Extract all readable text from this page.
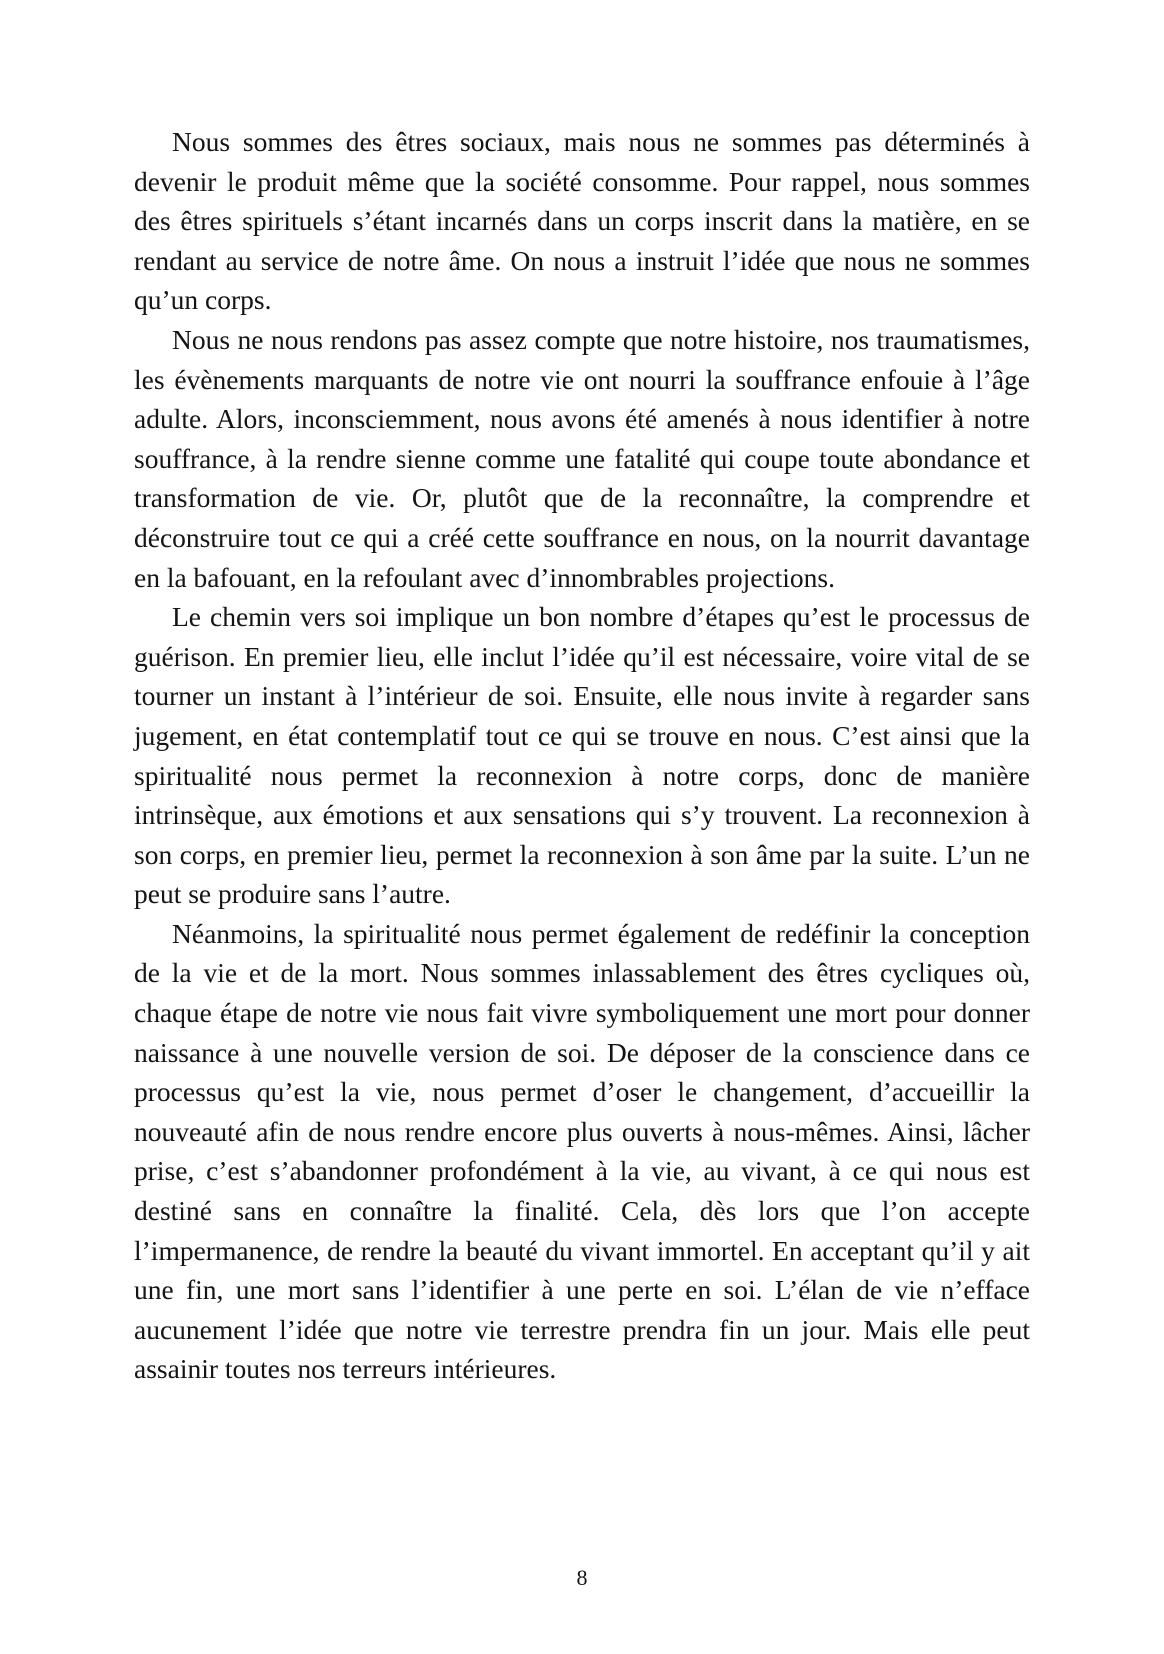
Nous sommes des êtres sociaux, mais nous ne sommes pas déterminés à devenir le produit même que la société consomme. Pour rappel, nous sommes des êtres spirituels s’étant incarnés dans un corps inscrit dans la matière, en se rendant au service de notre âme. On nous a instruit l’idée que nous ne sommes qu’un corps.

Nous ne nous rendons pas assez compte que notre histoire, nos traumatismes, les évènements marquants de notre vie ont nourri la souffrance enfouie à l’âge adulte. Alors, inconsciemment, nous avons été amenés à nous identifier à notre souffrance, à la rendre sienne comme une fatalité qui coupe toute abondance et transformation de vie. Or, plutôt que de la reconnaître, la comprendre et déconstruire tout ce qui a créé cette souffrance en nous, on la nourrit davantage en la bafouant, en la refoulant avec d’innombrables projections.

Le chemin vers soi implique un bon nombre d’étapes qu’est le processus de guérison. En premier lieu, elle inclut l’idée qu’il est nécessaire, voire vital de se tourner un instant à l’intérieur de soi. Ensuite, elle nous invite à regarder sans jugement, en état contemplatif tout ce qui se trouve en nous. C’est ainsi que la spiritualité nous permet la reconnexion à notre corps, donc de manière intrinsèque, aux émotions et aux sensations qui s’y trouvent. La reconnexion à son corps, en premier lieu, permet la reconnexion à son âme par la suite. L’un ne peut se produire sans l’autre.

Néanmoins, la spiritualité nous permet également de redéfinir la conception de la vie et de la mort. Nous sommes inlassablement des êtres cycliques où, chaque étape de notre vie nous fait vivre symboliquement une mort pour donner naissance à une nouvelle version de soi. De déposer de la conscience dans ce processus qu’est la vie, nous permet d’oser le changement, d’accueillir la nouveauté afin de nous rendre encore plus ouverts à nous-mêmes. Ainsi, lâcher prise, c’est s’abandonner profondément à la vie, au vivant, à ce qui nous est destiné sans en connaître la finalité. Cela, dès lors que l’on accepte l’impermanence, de rendre la beauté du vivant immortel. En acceptant qu’il y ait une fin, une mort sans l’identifier à une perte en soi. L’élan de vie n’efface aucunement l’idée que notre vie terrestre prendra fin un jour. Mais elle peut assainir toutes nos terreurs intérieures.

8
